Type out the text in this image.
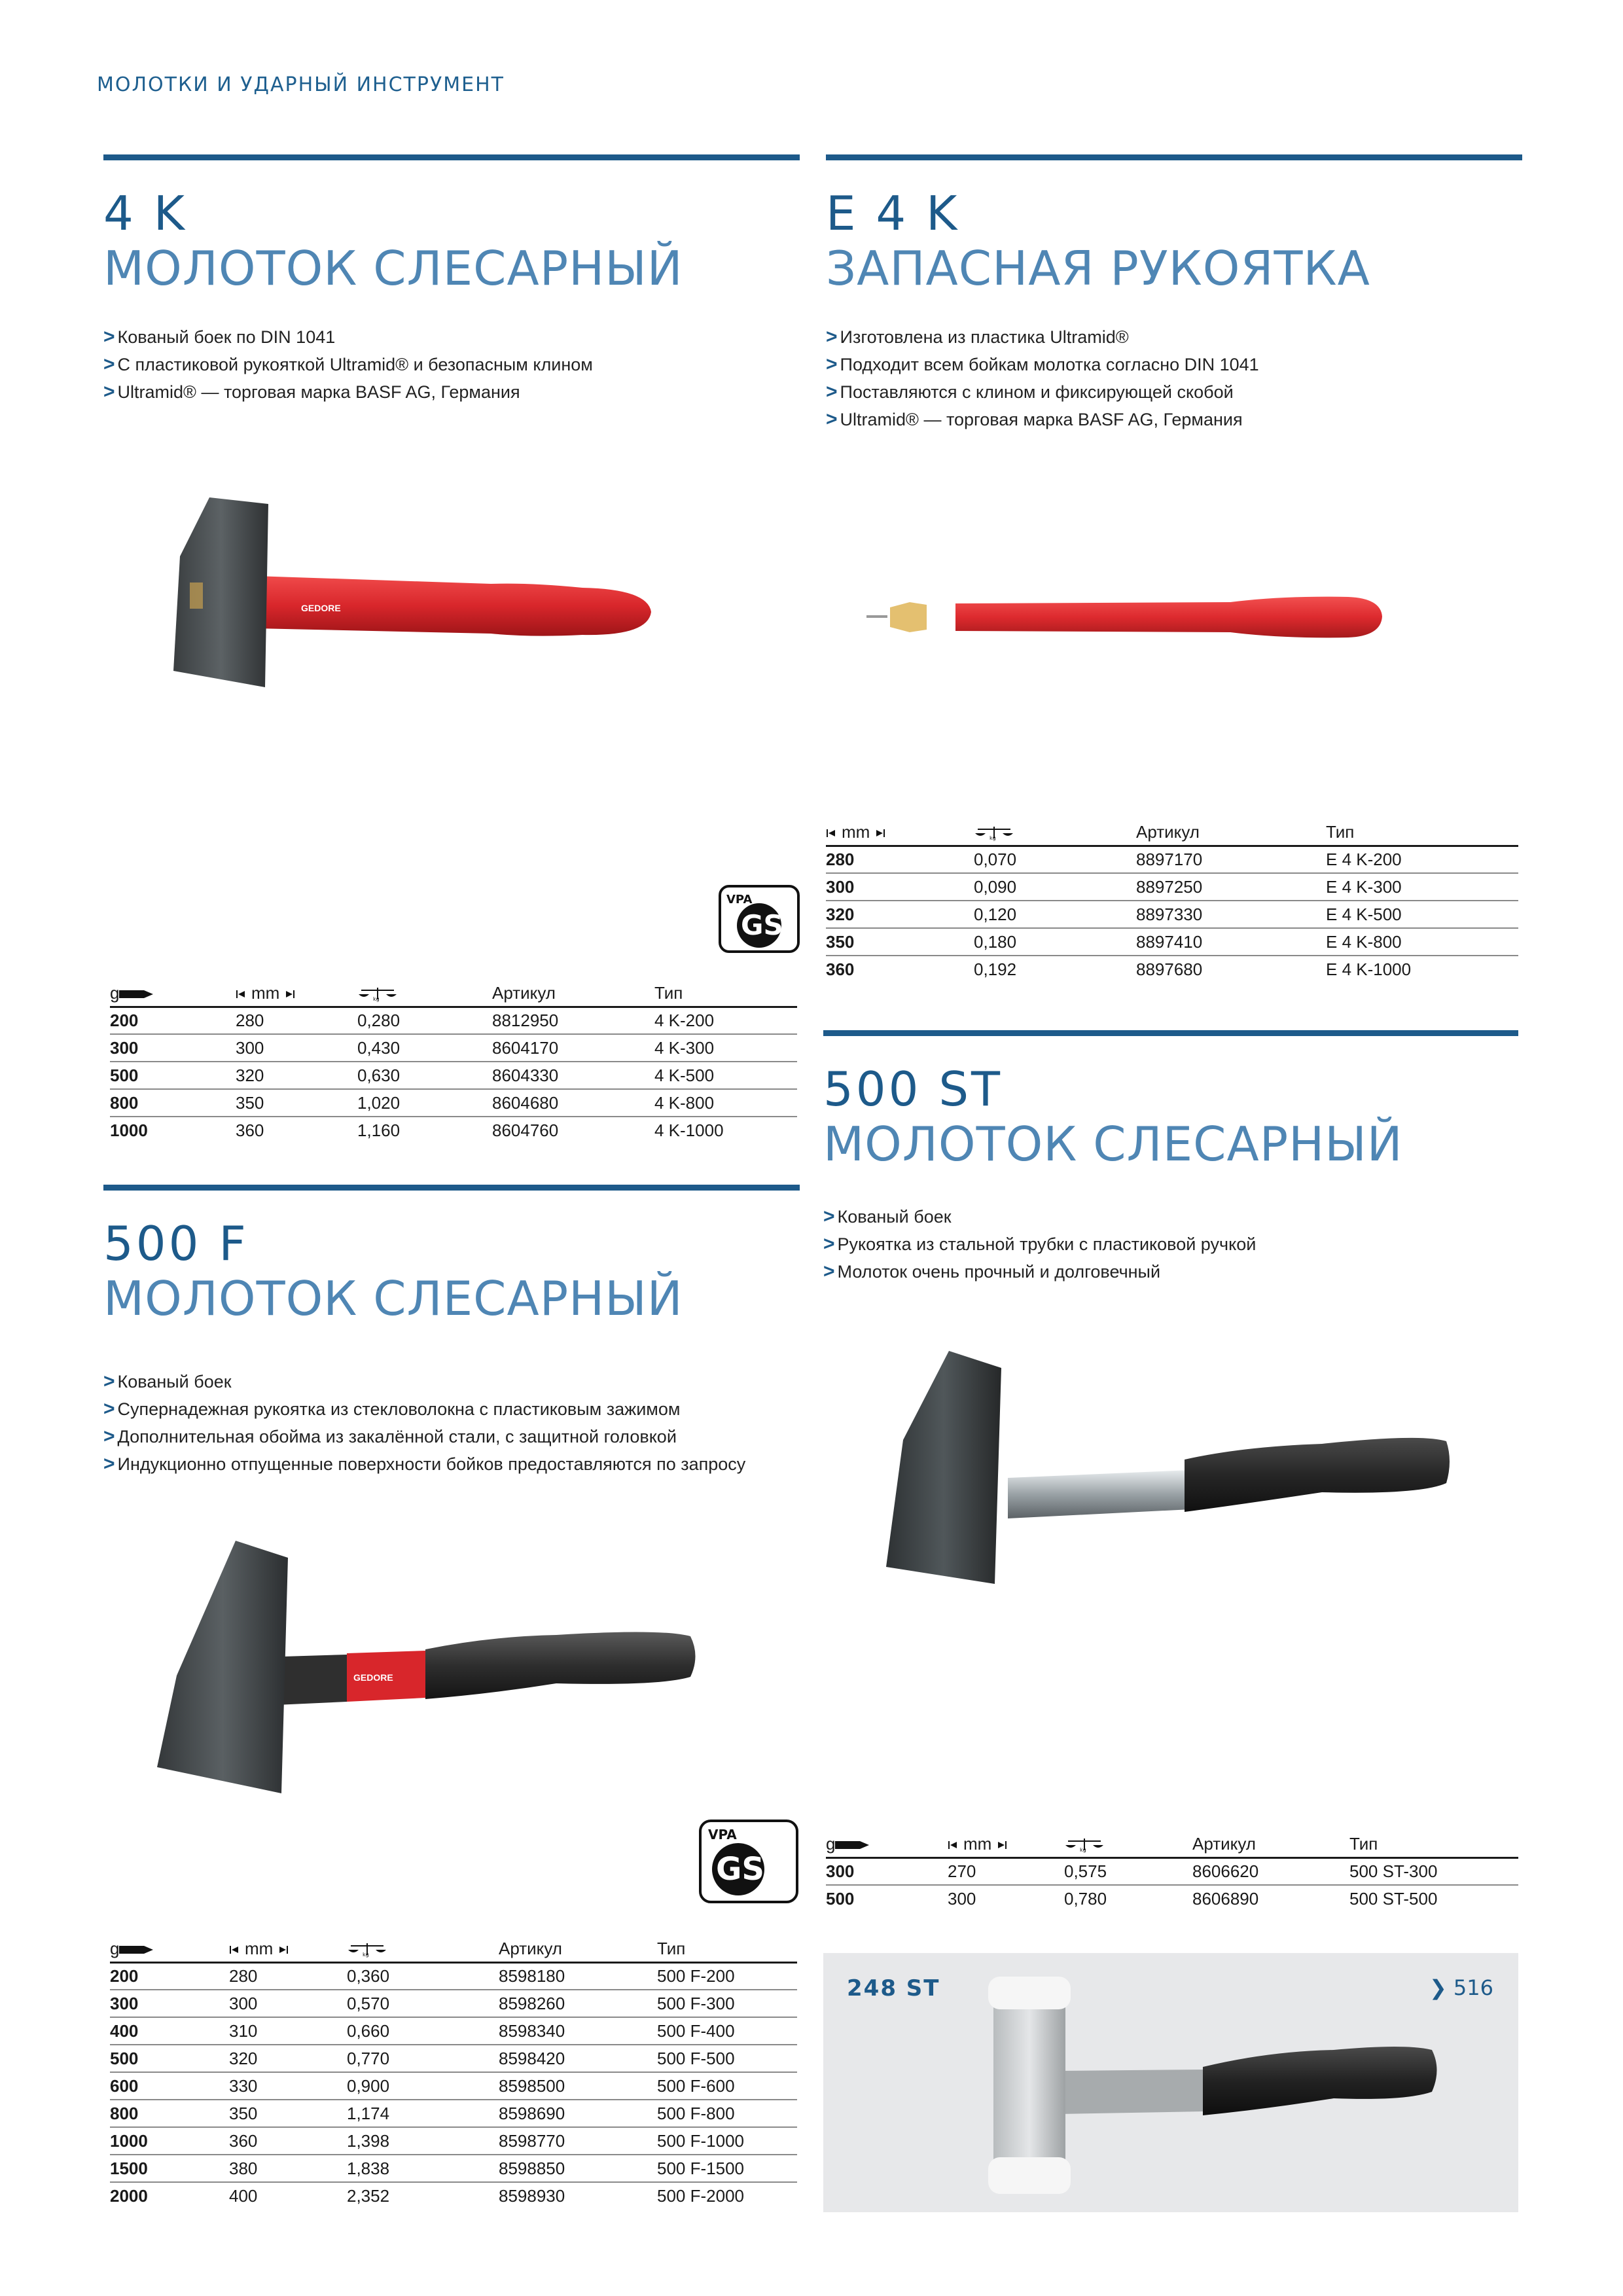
МОЛОТКИ И УДАРНЫЙ ИНСТРУМЕНТ
4 K
МОЛОТОК СЛЕСАРНЫЙ
> Кованый боек по DIN 1041
> С пластиковой рукояткой Ultramid® и безопасным клином
> Ultramid® — торговая марка BASF AG, Германия
GEDORE
VPA
GS
g	mm	kg	Артикул	Тип
200	280	0,280	8812950	4 K-200
300	300	0,430	8604170	4 K-300
500	320	0,630	8604330	4 K-500
800	350	1,020	8604680	4 K-800
1000	360	1,160	8604760	4 K-1000
E 4 K
ЗАПАСНАЯ РУКОЯТКА
> Изготовлена из пластика Ultramid®
> Подходит всем бойкам молотка согласно DIN 1041
> Поставляются с клином и фиксирующей скобой
> Ultramid® — торговая марка BASF AG, Германия
mm	kg	Артикул	Тип
280	0,070	8897170	E 4 K-200
300	0,090	8897250	E 4 K-300
320	0,120	8897330	E 4 K-500
350	0,180	8897410	E 4 K-800
360	0,192	8897680	E 4 K-1000
500 F
МОЛОТОК СЛЕСАРНЫЙ
> Кованый боек
> Супернадежная рукоятка из стекловолокна с пластиковым зажимом
> Дополнительная обойма из закалённой стали, с защитной головкой
> Индукционно отпущенные поверхности бойков предоставляются по запросу
GEDORE
VPA
GS
g	mm	kg	Артикул	Тип
200	280	0,360	8598180	500 F-200
300	300	0,570	8598260	500 F-300
400	310	0,660	8598340	500 F-400
500	320	0,770	8598420	500 F-500
600	330	0,900	8598500	500 F-600
800	350	1,174	8598690	500 F-800
1000	360	1,398	8598770	500 F-1000
1500	380	1,838	8598850	500 F-1500
2000	400	2,352	8598930	500 F-2000
500 ST
МОЛОТОК СЛЕСАРНЫЙ
> Кованый боек
> Рукоятка из стальной трубки с пластиковой ручкой
> Молоток очень прочный и долговечный
g	mm	kg	Артикул	Тип
300	270	0,575	8606620	500 ST-300
500	300	0,780	8606890	500 ST-500
248 ST	❯ 516
